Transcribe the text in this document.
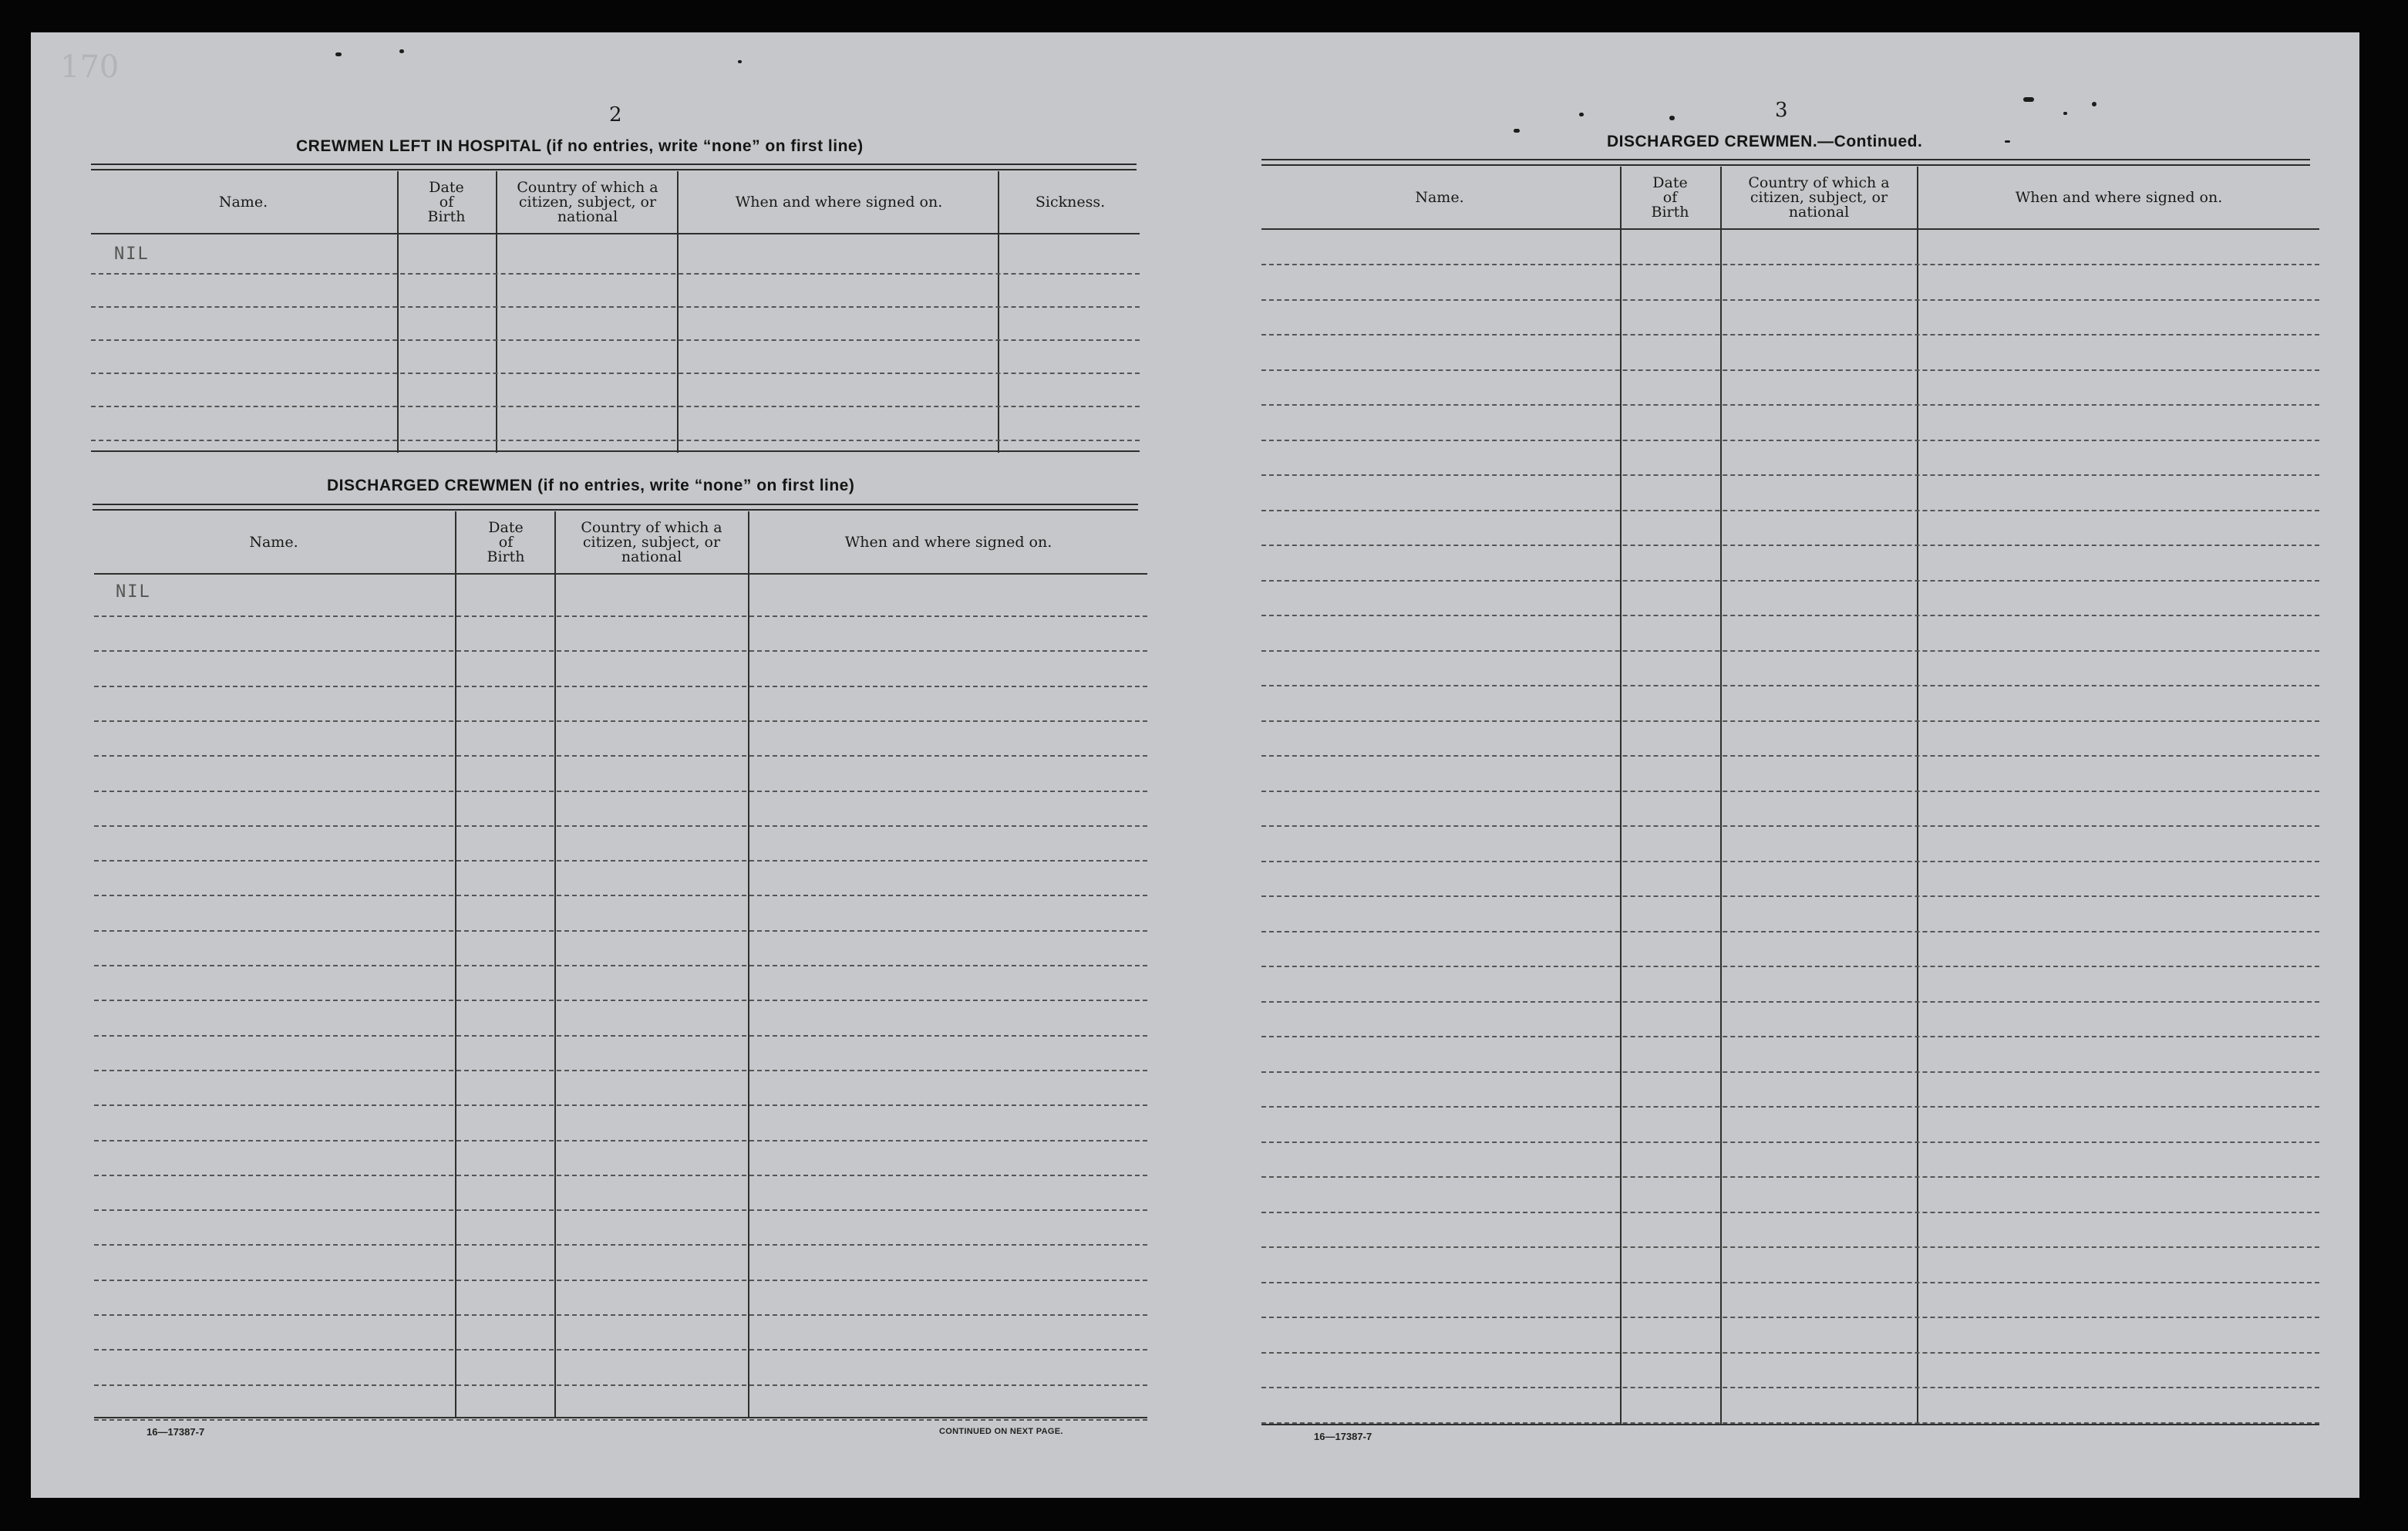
170
2
CREWMEN LEFT IN HOSPITAL (if no entries, write “none” on first line)
Name.
Date
of
Birth
Country of which a
citizen, subject, or
national
When and where signed on.	Sickness.
NIL
DISCHARGED CREWMEN (if no entries, write “none” on first line)
Name.
Date
of
Birth
Country of which a
citizen, subject, or
national
When and where signed on.
NIL
16—17387-7	CONTINUED ON NEXT PAGE.
3
DISCHARGED CREWMEN.—Continued.
Name.
Date
of
Birth
Country of which a
citizen, subject, or
national
When and where signed on.
16—17387-7
